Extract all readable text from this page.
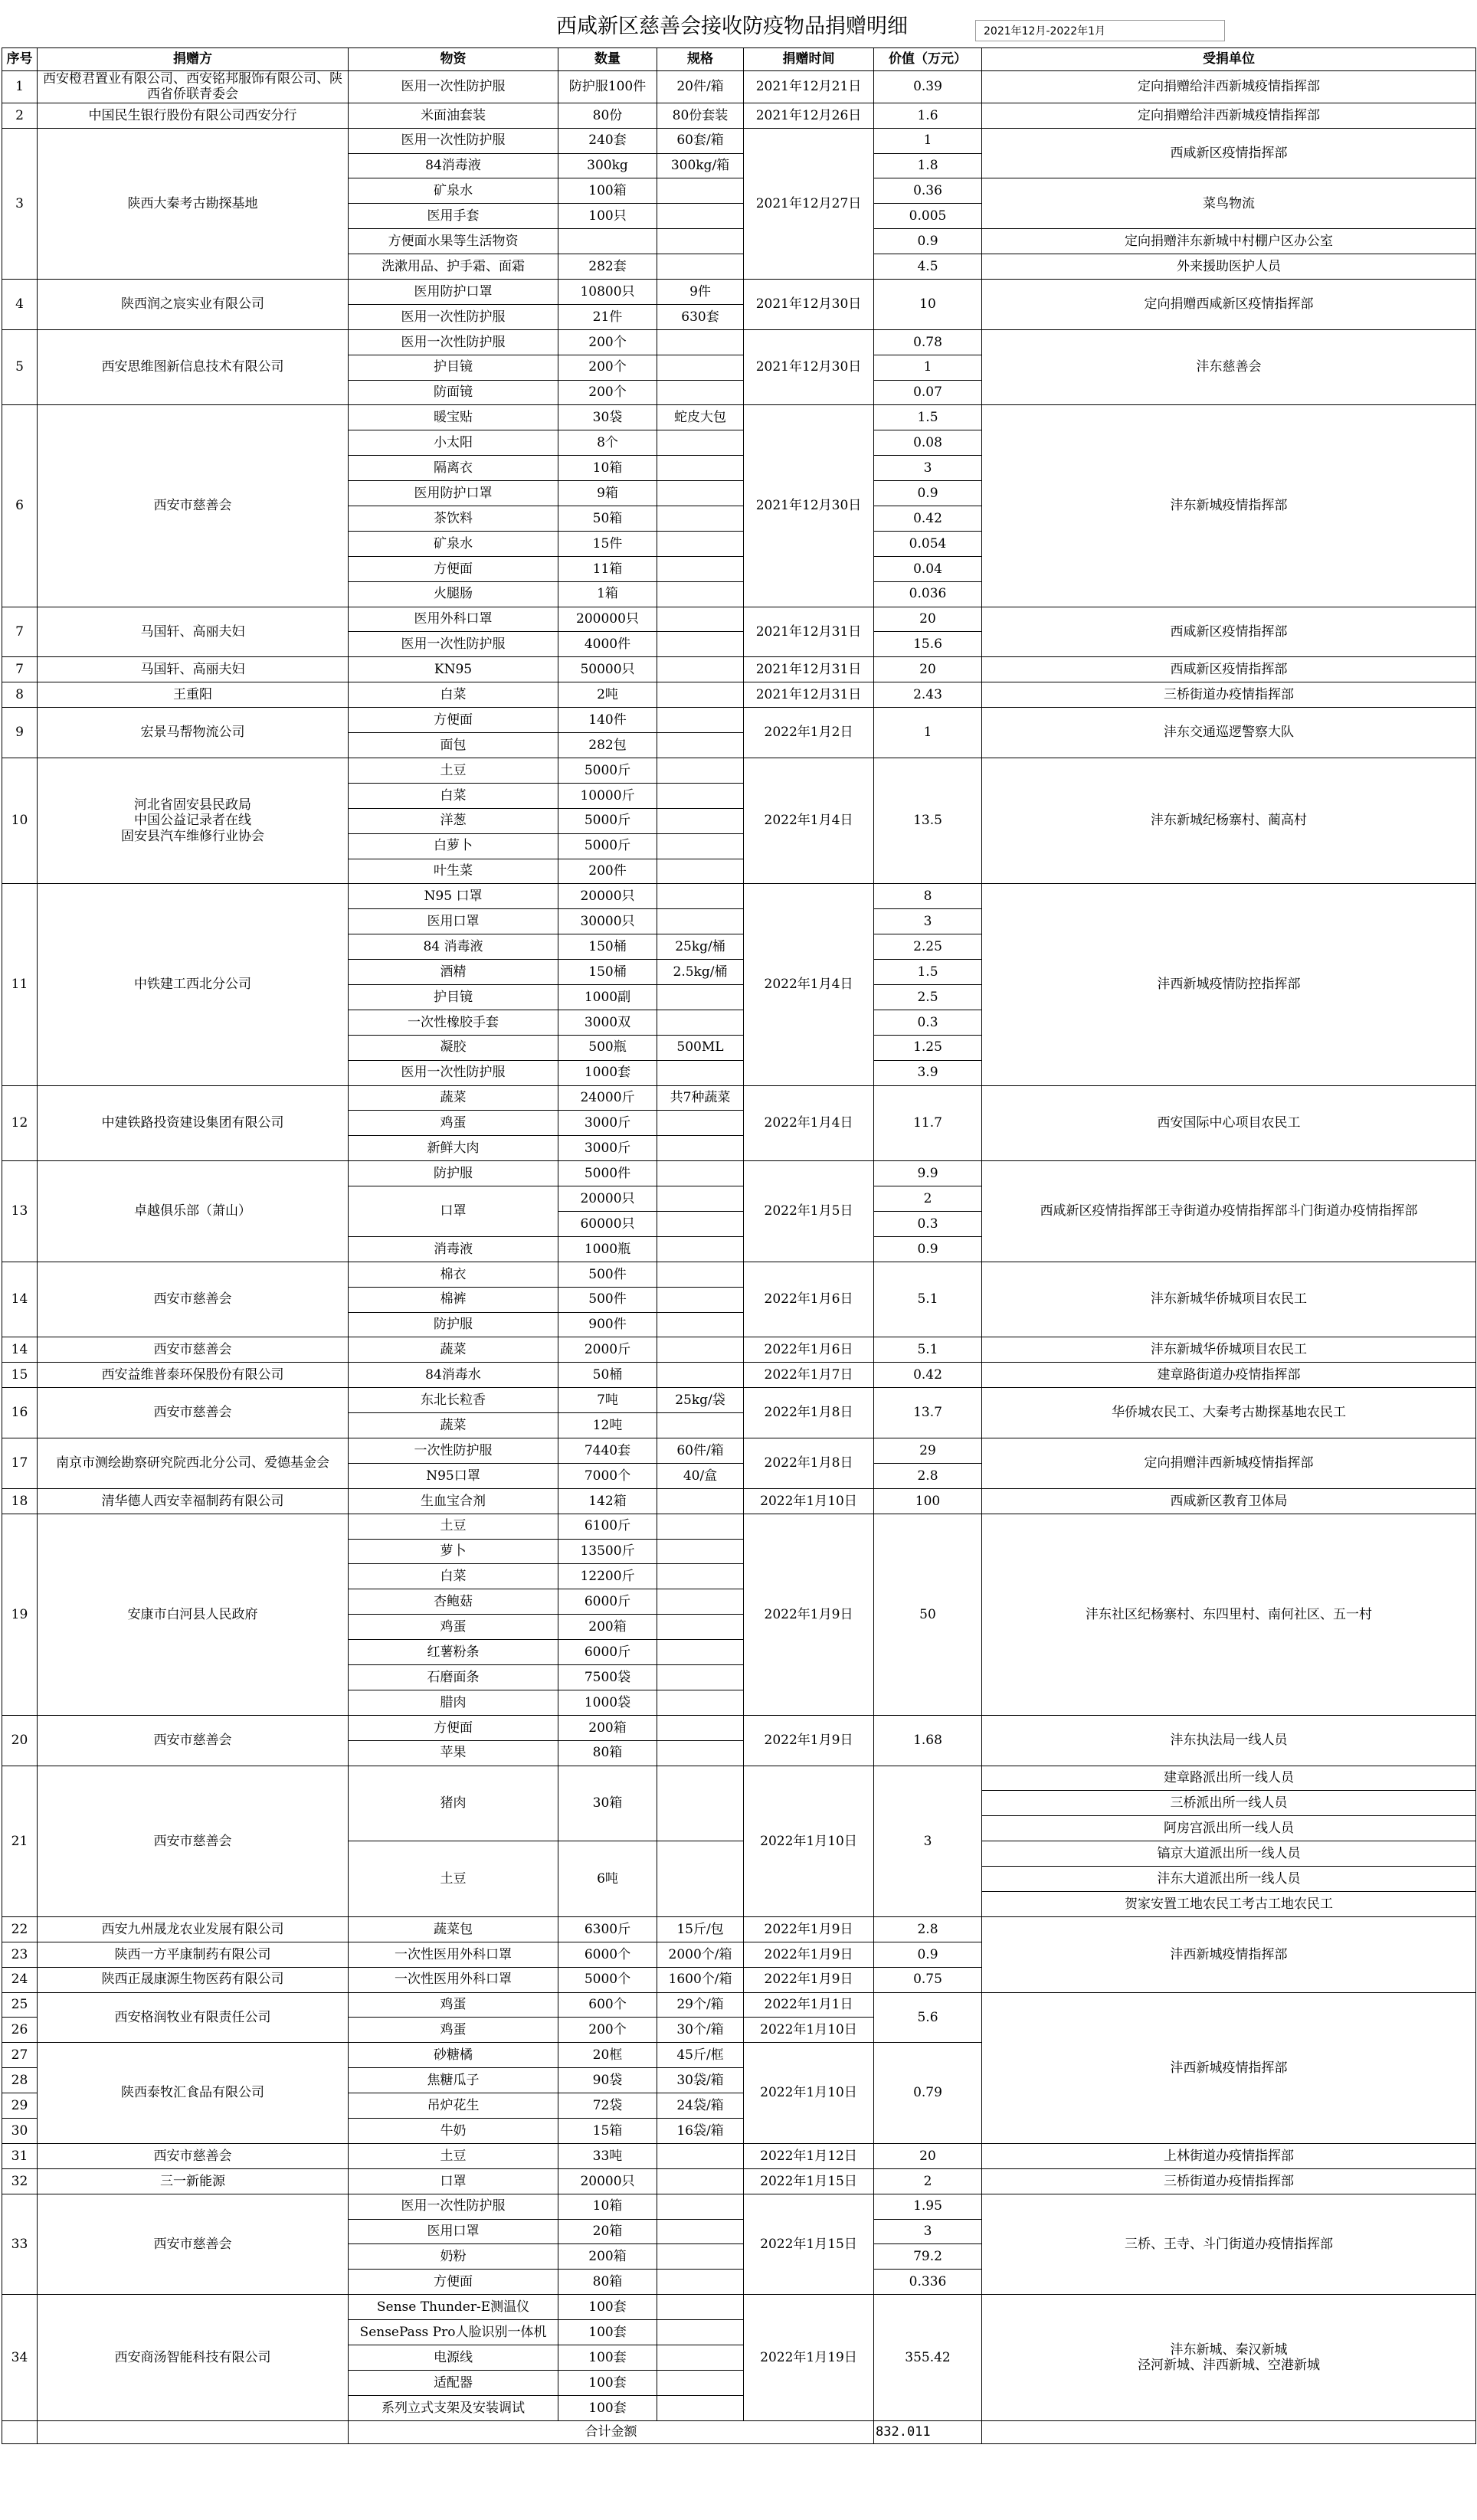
西咸新区慈善会接收防疫物品捐赠明细	2021年12月-2022年1月
序号	捐赠方	物资	数量	规格	捐赠时间	价值（万元）	受捐单位
1	西安橙君置业有限公司、西安铭邦服饰有限公司、陕西省侨联青委会	医用一次性防护服	防护服100件	20件/箱	2021年12月21日	0.39	定向捐赠给沣西新城疫情指挥部
2	中国民生银行股份有限公司西安分行	米面油套装	80份	80份套装	2021年12月26日	1.6	定向捐赠给沣西新城疫情指挥部
3	陕西大秦考古勘探基地	医用一次性防护服	240套	60套/箱	2021年12月27日	1	西咸新区疫情指挥部
		84消毒液	300kg	300kg/箱		1.8	
		矿泉水	100箱			0.36	菜鸟物流
		医用手套	100只			0.005	
		方便面水果等生活物资				0.9	定向捐赠沣东新城中村棚户区办公室
		洗漱用品、护手霜、面霜	282套			4.5	外来援助医护人员
4	陕西润之宸实业有限公司	医用防护口罩	10800只	9件	2021年12月30日	10	定向捐赠西咸新区疫情指挥部
		医用一次性防护服	21件	630套			
5	西安思维图新信息技术有限公司	医用一次性防护服	200个		2021年12月30日	0.78	沣东慈善会
		护目镜	200个			1	
		防面镜	200个			0.07	
6	西安市慈善会	暖宝贴	30袋	蛇皮大包	2021年12月30日	1.5	沣东新城疫情指挥部
		小太阳	8个			0.08	
		隔离衣	10箱			3	
		医用防护口罩	9箱			0.9	
		茶饮料	50箱			0.42	
		矿泉水	15件			0.054	
		方便面	11箱			0.04	
		火腿肠	1箱			0.036	
7	马国轩、高丽夫妇	医用外科口罩	200000只		2021年12月31日	20	西咸新区疫情指挥部
		医用一次性防护服	4000件			15.6	
7	马国轩、高丽夫妇	KN95	50000只		2021年12月31日	20	西咸新区疫情指挥部
8	王重阳	白菜	2吨		2021年12月31日	2.43	三桥街道办疫情指挥部
9	宏景马帮物流公司	方便面	140件		2022年1月2日	1	沣东交通巡逻警察大队
		面包	282包				
10	河北省固安县民政局
中国公益记录者在线
固安县汽车维修行业协会	土豆	5000斤		2022年1月4日	13.5	沣东新城纪杨寨村、蔺高村
		白菜	10000斤				
		洋葱	5000斤				
		白萝卜	5000斤				
		叶生菜	200件				
11	中铁建工西北分公司	N95 口罩	20000只		2022年1月4日	8	沣西新城疫情防控指挥部
		医用口罩	30000只			3	
		84 消毒液	150桶	25kg/桶		2.25	
		酒精	150桶	2.5kg/桶		1.5	
		护目镜	1000副			2.5	
		一次性橡胶手套	3000双			0.3	
		凝胶	500瓶	500ML		1.25	
		医用一次性防护服	1000套			3.9	
12	中建铁路投资建设集团有限公司	蔬菜	24000斤	共7种蔬菜	2022年1月4日	11.7	西安国际中心项目农民工
		鸡蛋	3000斤				
		新鲜大肉	3000斤				
13	卓越俱乐部（萧山）	防护服	5000件		2022年1月5日	9.9	西咸新区疫情指挥部王寺街道办疫情指挥部斗门街道办疫情指挥部
		口罩	20000只			2	
			60000只			0.3	
		消毒液	1000瓶			0.9	
14	西安市慈善会	棉衣	500件		2022年1月6日	5.1	沣东新城华侨城项目农民工
		棉裤	500件				
		防护服	900件				
14	西安市慈善会	蔬菜	2000斤		2022年1月6日	5.1	沣东新城华侨城项目农民工
15	西安益维普泰环保股份有限公司	84消毒水	50桶		2022年1月7日	0.42	建章路街道办疫情指挥部
16	西安市慈善会	东北长粒香	7吨	25kg/袋	2022年1月8日	13.7	华侨城农民工、大秦考古勘探基地农民工
		蔬菜	12吨				
17	南京市测绘勘察研究院西北分公司、爱德基金会	一次性防护服	7440套	60件/箱	2022年1月8日	29	定向捐赠沣西新城疫情指挥部
		N95口罩	7000个	40/盒		2.8	
18	清华德人西安幸福制药有限公司	生血宝合剂	142箱		2022年1月10日	100	西咸新区教育卫体局
19	安康市白河县人民政府	土豆	6100斤		2022年1月9日	50	沣东社区纪杨寨村、东四里村、南何社区、五一村
		萝卜	13500斤				
		白菜	12200斤				
		杏鲍菇	6000斤				
		鸡蛋	200箱				
		红薯粉条	6000斤				
		石磨面条	7500袋				
		腊肉	1000袋				
20	西安市慈善会	方便面	200箱		2022年1月9日	1.68	沣东执法局一线人员
		苹果	80箱				
21	西安市慈善会	猪肉	30箱		2022年1月10日	3	建章路派出所一线人员
							三桥派出所一线人员
							阿房宫派出所一线人员
		土豆	6吨				镐京大道派出所一线人员
							沣东大道派出所一线人员
							贺家安置工地农民工考古工地农民工
22	西安九州晟龙农业发展有限公司	蔬菜包	6300斤	15斤/包	2022年1月9日	2.8	沣西新城疫情指挥部
23	陕西一方平康制药有限公司	一次性医用外科口罩	6000个	2000个/箱	2022年1月9日	0.9	
24	陕西正晟康源生物医药有限公司	一次性医用外科口罩	5000个	1600个/箱	2022年1月9日	0.75	
25	西安格润牧业有限责任公司	鸡蛋	600个	29个/箱	2022年1月1日	5.6	沣西新城疫情指挥部
26		鸡蛋	200个	30个/箱	2022年1月10日		
27	陕西泰牧汇食品有限公司	砂糖橘	20框	45斤/框	2022年1月10日	0.79	
28		焦糖瓜子	90袋	30袋/箱			
29		吊炉花生	72袋	24袋/箱			
30		牛奶	15箱	16袋/箱			
31	西安市慈善会	土豆	33吨		2022年1月12日	20	上林街道办疫情指挥部
32	三一新能源	口罩	20000只		2022年1月15日	2	三桥街道办疫情指挥部
33	西安市慈善会	医用一次性防护服	10箱		2022年1月15日	1.95	三桥、王寺、斗门街道办疫情指挥部
		医用口罩	20箱			3	
		奶粉	200箱			79.2	
		方便面	80箱			0.336	
34	西安商汤智能科技有限公司	Sense Thunder-E测温仪	100套		2022年1月19日	355.42	沣东新城、秦汉新城
泾河新城、沣西新城、空港新城
		SensePass Pro人脸识别一体机	100套				
		电源线	100套				
		适配器	100套				
		系列立式支架及安装调试	100套				
		合计金额				832.011	
